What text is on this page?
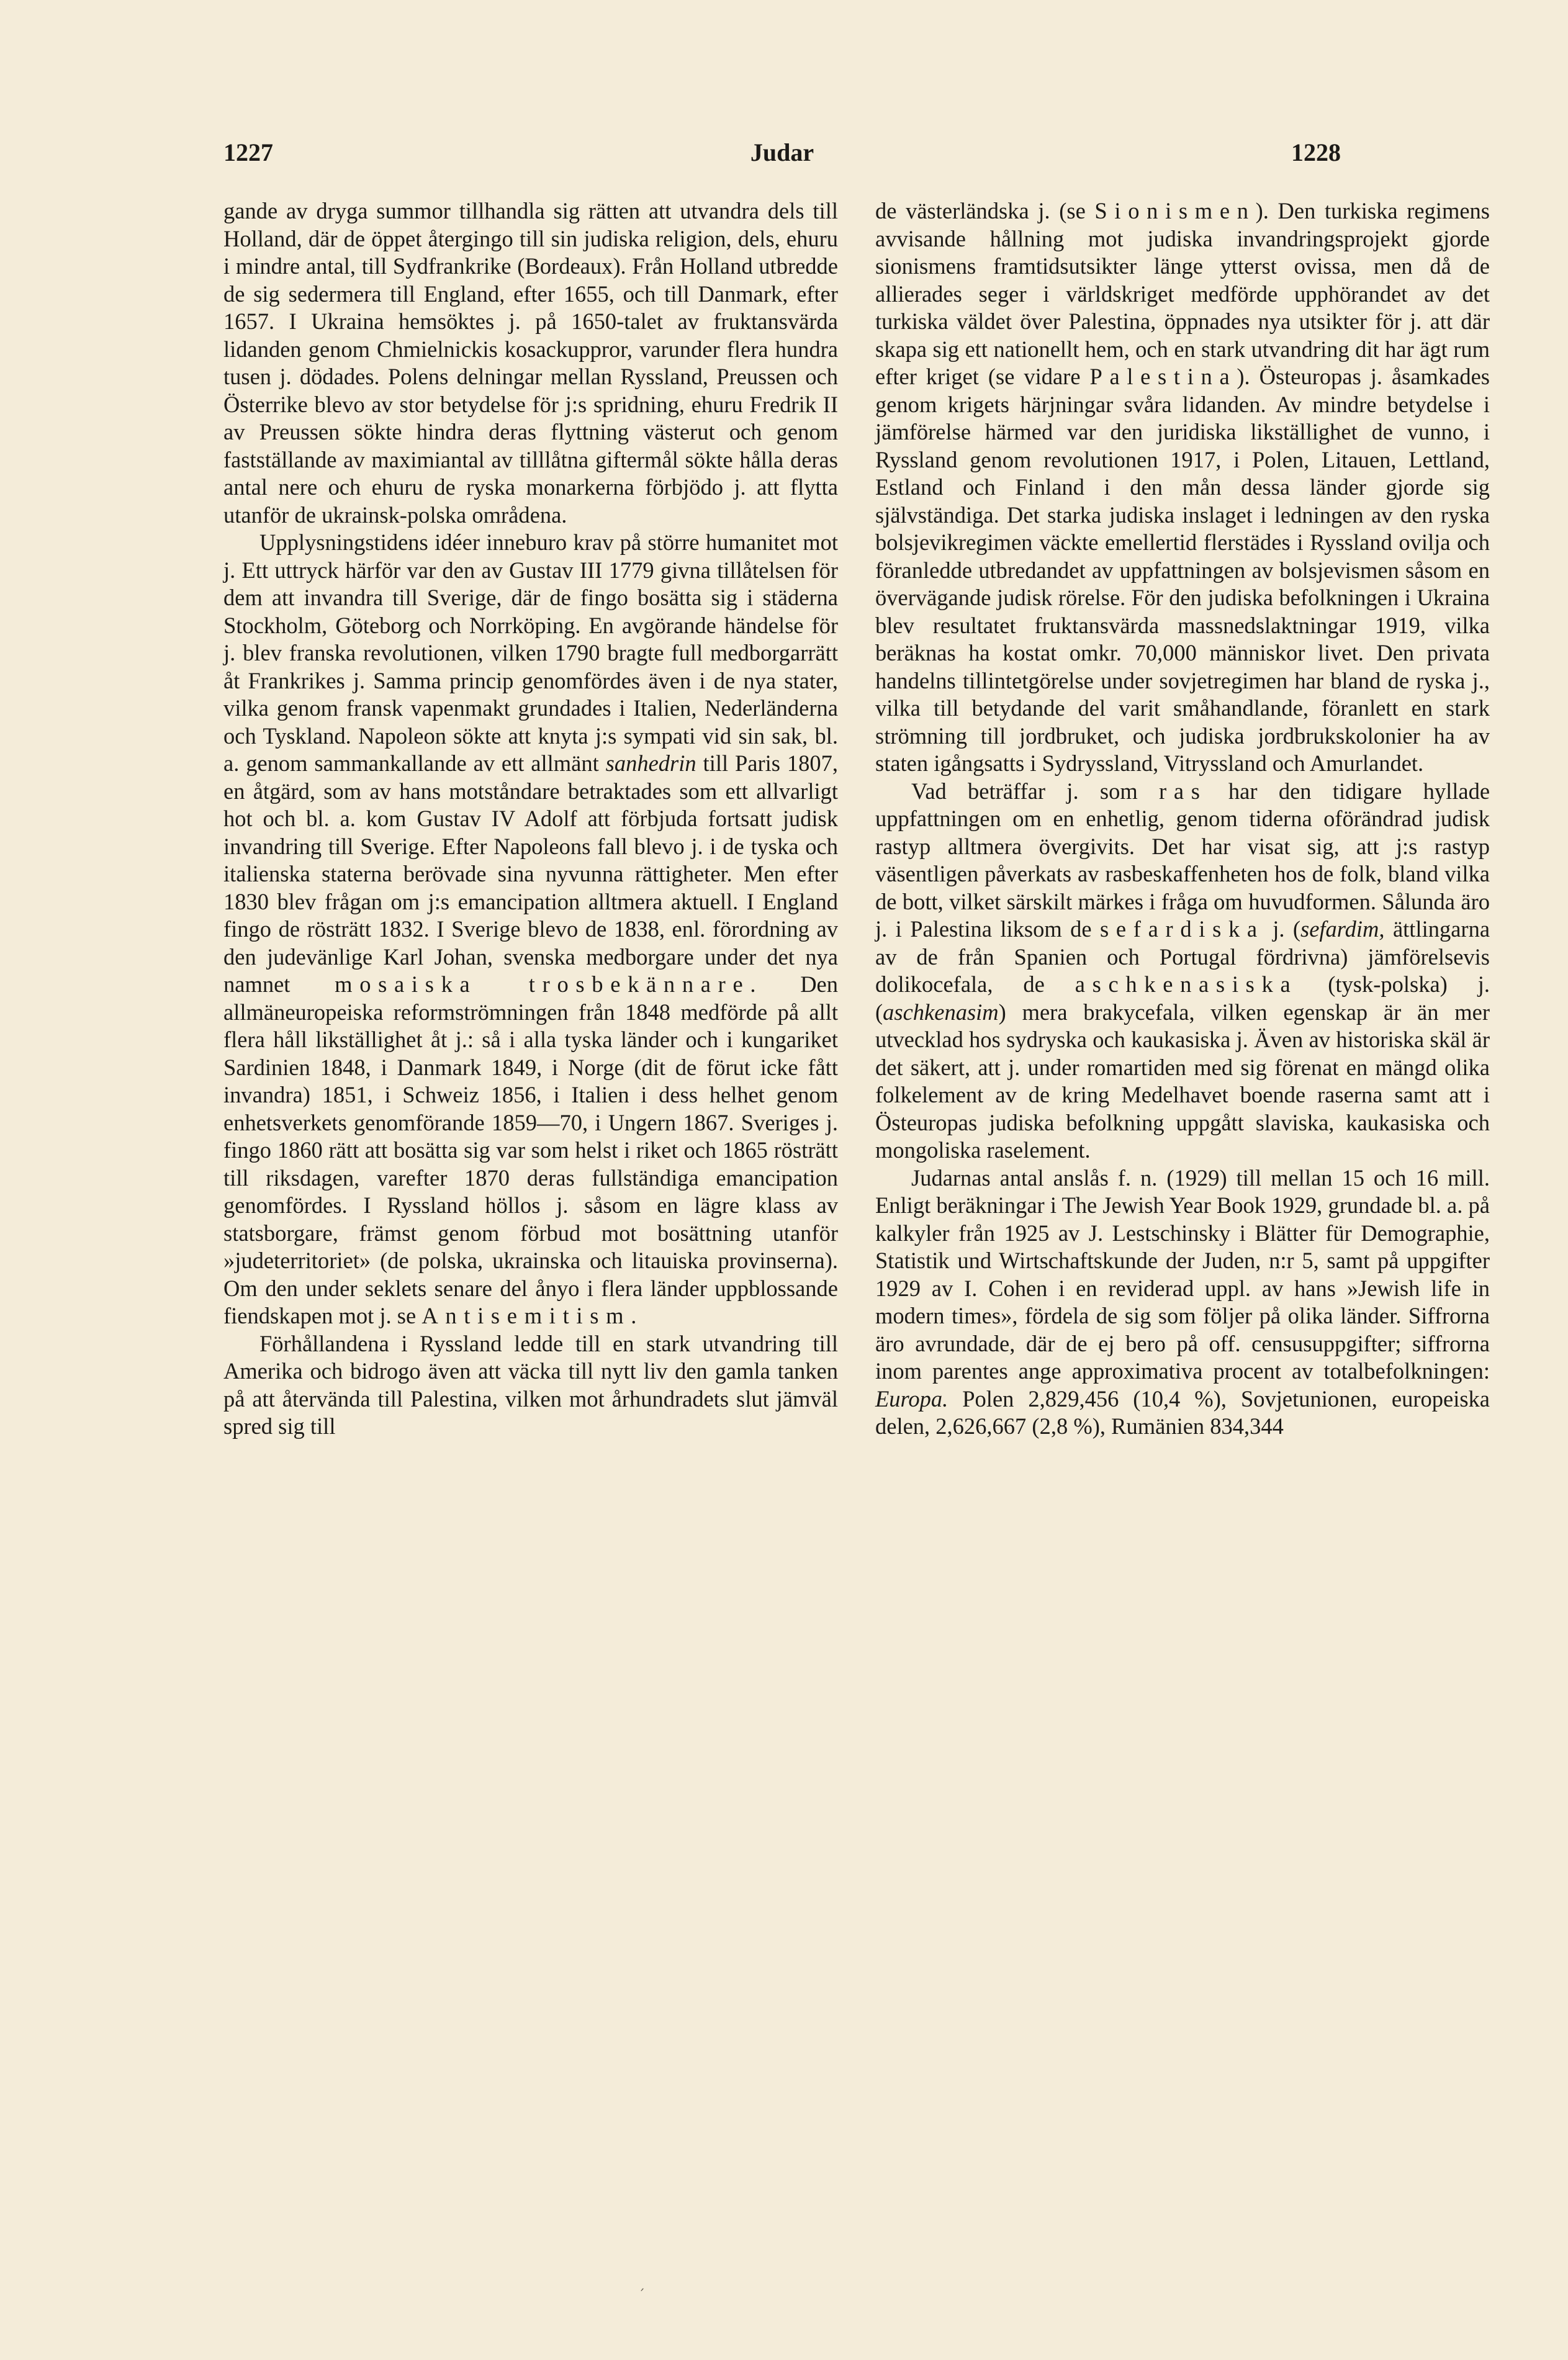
1227	Judar	1228

gande av dryga summor tillhandla sig rätten att utvandra dels till Holland, där de öppet återgingo till sin judiska religion, dels, ehuru i mindre antal, till Sydfrankrike (Bordeaux). Från Holland utbredde de sig sedermera till England, efter 1655, och till Danmark, efter 1657. I Ukraina hemsöktes j. på 1650-talet av fruktansvärda lidanden genom Chmielnickis kosackuppror, varunder flera hundra tusen j. dödades. Polens delningar mellan Ryssland, Preussen och Österrike blevo av stor betydelse för j:s spridning, ehuru Fredrik II av Preussen sökte hindra deras flyttning västerut och genom fastställande av maximiantal av tilllåtna giftermål sökte hålla deras antal nere och ehuru de ryska monarkerna förbjödo j. att flytta utanför de ukrainsk-polska områdena.

Upplysningstidens idéer inneburo krav på större humanitet mot j. Ett uttryck härför var den av Gustav III 1779 givna tillåtelsen för dem att invandra till Sverige, där de fingo bosätta sig i städerna Stockholm, Göteborg och Norrköping. En avgörande händelse för j. blev franska revolutionen, vilken 1790 bragte full medborgarrätt åt Frankrikes j. Samma princip genomfördes även i de nya stater, vilka genom fransk vapenmakt grundades i Italien, Nederländerna och Tyskland. Napoleon sökte att knyta j:s sympati vid sin sak, bl. a. genom sammankallande av ett allmänt sanhedrin till Paris 1807, en åtgärd, som av hans motståndare betraktades som ett allvarligt hot och bl. a. kom Gustav IV Adolf att förbjuda fortsatt judisk invandring till Sverige. Efter Napoleons fall blevo j. i de tyska och italienska staterna berövade sina nyvunna rättigheter. Men efter 1830 blev frågan om j:s emancipation alltmera aktuell. I England fingo de rösträtt 1832. I Sverige blevo de 1838, enl. förordning av den judevänlige Karl Johan, svenska medborgare under det nya namnet mosaiska trosbekännare. Den allmäneuropeiska reformströmningen från 1848 medförde på allt flera håll likställighet åt j.: så i alla tyska länder och i kungariket Sardinien 1848, i Danmark 1849, i Norge (dit de förut icke fått invandra) 1851, i Schweiz 1856, i Italien i dess helhet genom enhetsverkets genomförande 1859—70, i Ungern 1867. Sveriges j. fingo 1860 rätt att bosätta sig var som helst i riket och 1865 rösträtt till riksdagen, varefter 1870 deras fullständiga emancipation genomfördes. I Ryssland höllos j. såsom en lägre klass av statsborgare, främst genom förbud mot bosättning utanför »judeterritoriet» (de polska, ukrainska och litauiska provinserna). Om den under seklets senare del ånyo i flera länder uppblossande fiendskapen mot j. se Antisemitism.

Förhållandena i Ryssland ledde till en stark utvandring till Amerika och bidrogo även att väcka till nytt liv den gamla tanken på att återvända till Palestina, vilken mot århundradets slut jämväl spred sig till

de västerländska j. (se Sionismen). Den turkiska regimens avvisande hållning mot judiska invandringsprojekt gjorde sionismens framtidsutsikter länge ytterst ovissa, men då de allierades seger i världskriget medförde upphörandet av det turkiska väldet över Palestina, öppnades nya utsikter för j. att där skapa sig ett nationellt hem, och en stark utvandring dit har ägt rum efter kriget (se vidare Palestina). Östeuropas j. åsamkades genom krigets härjningar svåra lidanden. Av mindre betydelse i jämförelse härmed var den juridiska likställighet de vunno, i Ryssland genom revolutionen 1917, i Polen, Litauen, Lettland, Estland och Finland i den mån dessa länder gjorde sig självständiga. Det starka judiska inslaget i ledningen av den ryska bolsjevikregimen väckte emellertid flerstädes i Ryssland ovilja och föranledde utbredandet av uppfattningen av bolsjevismen såsom en övervägande judisk rörelse. För den judiska befolkningen i Ukraina blev resultatet fruktansvärda massnedslaktningar 1919, vilka beräknas ha kostat omkr. 70,000 människor livet. Den privata handelns tillintetgörelse under sovjetregimen har bland de ryska j., vilka till betydande del varit småhandlande, föranlett en stark strömning till jordbruket, och judiska jordbrukskolonier ha av staten igångsatts i Sydryssland, Vitryssland och Amurlandet.

Vad beträffar j. som ras har den tidigare hyllade uppfattningen om en enhetlig, genom tiderna oförändrad judisk rastyp alltmera övergivits. Det har visat sig, att j:s rastyp väsentligen påverkats av rasbeskaffenheten hos de folk, bland vilka de bott, vilket särskilt märkes i fråga om huvudformen. Sålunda äro j. i Palestina liksom de sefardiska j. (sefardim, ättlingarna av de från Spanien och Portugal fördrivna) jämförelsevis dolikocefala, de aschkenasiska (tysk-polska) j. (aschkenasim) mera brakycefala, vilken egenskap är än mer utvecklad hos sydryska och kaukasiska j. Även av historiska skäl är det säkert, att j. under romartiden med sig förenat en mängd olika folkelement av de kring Medelhavet boende raserna samt att i Östeuropas judiska befolkning uppgått slaviska, kaukasiska och mongoliska raselement.

Judarnas antal anslås f. n. (1929) till mellan 15 och 16 mill. Enligt beräkningar i The Jewish Year Book 1929, grundade bl. a. på kalkyler från 1925 av J. Lestschinsky i Blätter für Demographie, Statistik und Wirtschaftskunde der Juden, n:r 5, samt på uppgifter 1929 av I. Cohen i en reviderad uppl. av hans »Jewish life in modern times», fördela de sig som följer på olika länder. Siffrorna äro avrundade, där de ej bero på off. censusuppgifter; siffrorna inom parentes ange approximativa procent av totalbefolkningen: Europa. Polen 2,829,456 (10,4 %), Sovjetunionen, europeiska delen, 2,626,667 (2,8 %), Rumänien 834,344

´
